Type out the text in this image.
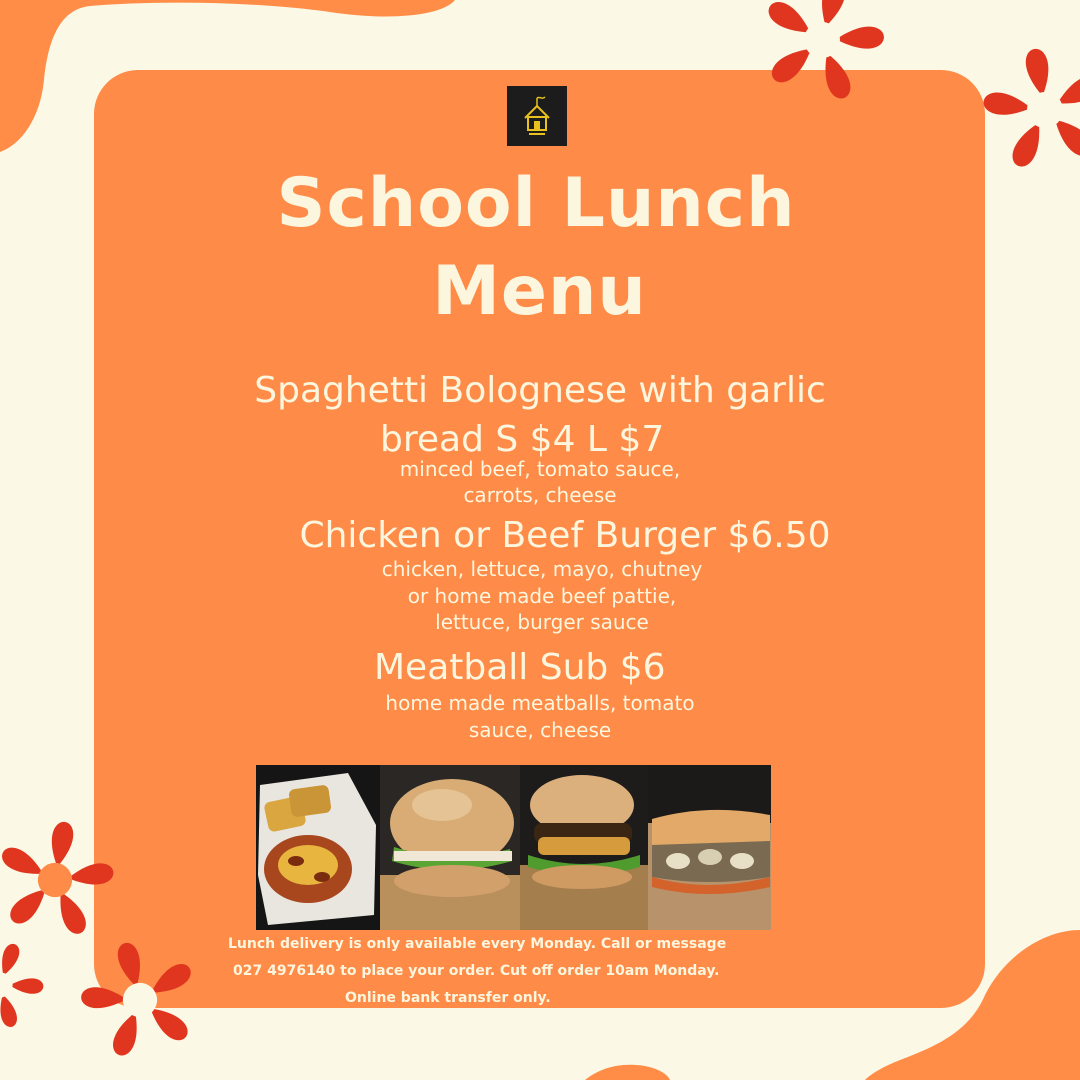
School Lunch
Menu
Spaghetti Bolognese with garlic
bread S $4 L $7
minced beef, tomato sauce,
carrots, cheese
Chicken or Beef Burger $6.50
chicken, lettuce, mayo, chutney
or home made beef pattie,
lettuce, burger sauce
Meatball Sub $6
home made meatballs, tomato
sauce, cheese
Lunch delivery is only available every Monday. Call or message
027 4976140 to place your order. Cut off order 10am Monday.
Online bank transfer only.
